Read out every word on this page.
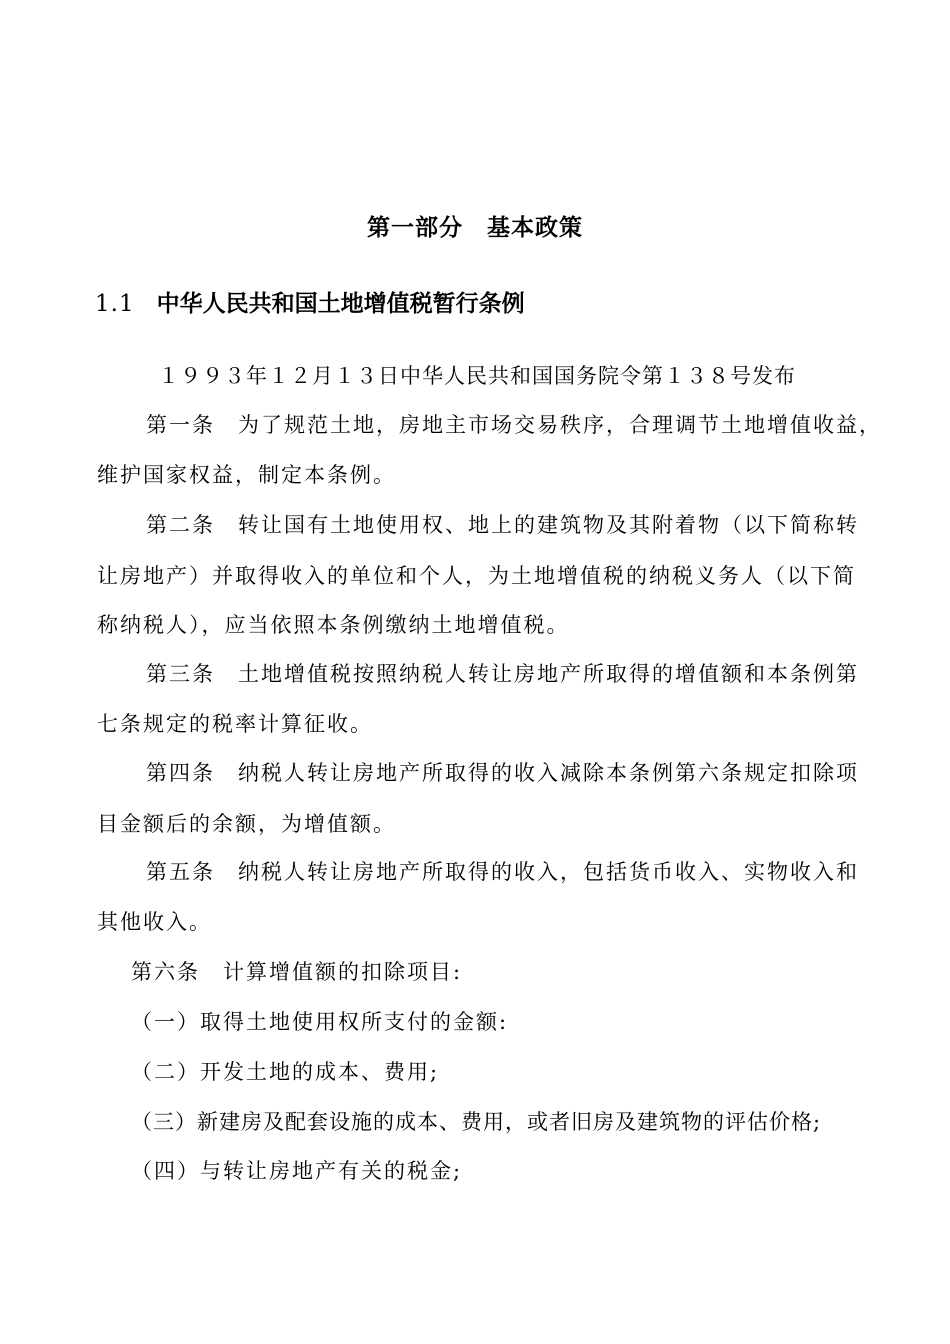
第一部分　基本政策
1.1 中华人民共和国土地增值税暂行条例
１９９３年１２月１３日中华人民共和国国务院令第１３８号发布
第一条　为了规范土地，房地主市场交易秩序，合理调节土地增值收益，
维护国家权益，制定本条例。
第二条　转让国有土地使用权、地上的建筑物及其附着物（以下简称转
让房地产）并取得收入的单位和个人，为土地增值税的纳税义务人（以下简
称纳税人），应当依照本条例缴纳土地增值税。
第三条　土地增值税按照纳税人转让房地产所取得的增值额和本条例第
七条规定的税率计算征收。
第四条　纳税人转让房地产所取得的收入减除本条例第六条规定扣除项
目金额后的余额，为增值额。
第五条　纳税人转让房地产所取得的收入，包括货币收入、实物收入和
其他收入。
第六条　计算增值额的扣除项目:
（一）取得土地使用权所支付的金额:
（二）开发土地的成本、费用;
（三）新建房及配套设施的成本、费用，或者旧房及建筑物的评估价格;
（四）与转让房地产有关的税金;
